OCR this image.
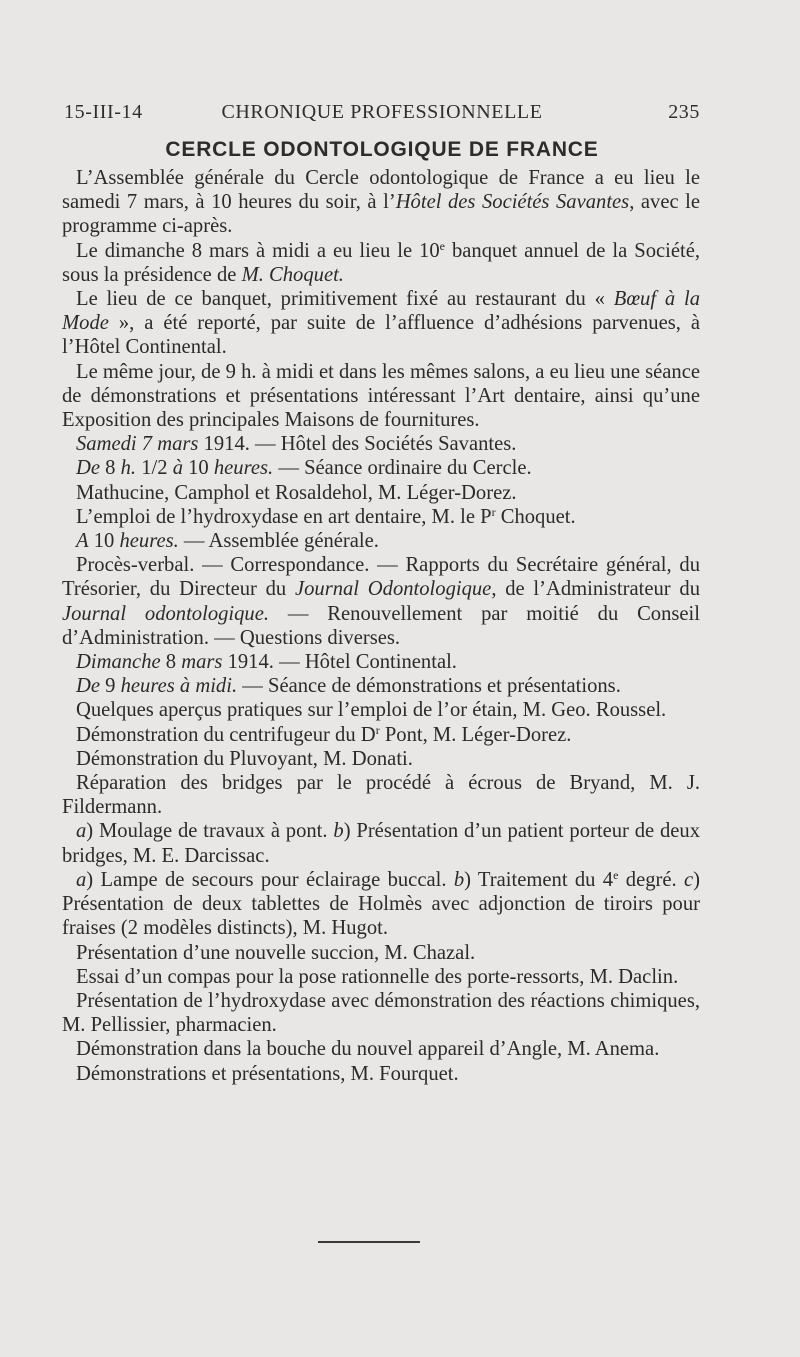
15-III-14	CHRONIQUE PROFESSIONNELLE	235
CERCLE ODONTOLOGIQUE DE FRANCE

L’Assemblée générale du Cercle odontologique de France a eu lieu le samedi 7 mars, à 10 heures du soir, à l’Hôtel des Sociétés Savantes, avec le programme ci-après.

Le dimanche 8 mars à midi a eu lieu le 10e banquet annuel de la Société, sous la présidence de M. Choquet.

Le lieu de ce banquet, primitivement fixé au restaurant du « Bœuf à la Mode », a été reporté, par suite de l’affluence d’adhésions parvenues, à l’Hôtel Continental.

Le même jour, de 9 h. à midi et dans les mêmes salons, a eu lieu une séance de démonstrations et présentations intéressant l’Art dentaire, ainsi qu’une Exposition des principales Maisons de fournitures.

Samedi 7 mars 1914. — Hôtel des Sociétés Savantes.

De 8 h. 1/2 à 10 heures. — Séance ordinaire du Cercle.

Mathucine, Camphol et Rosaldehol, M. Léger-Dorez.

L’emploi de l’hydroxydase en art dentaire, M. le $P^r$ Choquet.

A 10 heures. — Assemblée générale.

Procès-verbal. — Correspondance. — Rapports du Secrétaire général, du Trésorier, du Directeur du Journal Odontologique, de l’Administrateur du Journal odontologique. — Renouvellement par moitié du Conseil d’Administration. — Questions diverses.

Dimanche 8 mars 1914. — Hôtel Continental.

De 9 heures à midi. — Séance de démonstrations et présentations.

Quelques aperçus pratiques sur l’emploi de l’or étain, M. Geo. Roussel.

Démonstration du centrifugeur du $D^r$ Pont, M. Léger-Dorez.

Démonstration du Pluvoyant, M. Donati.

Réparation des bridges par le procédé à écrous de Bryand, M. J. Fildermann.

a) Moulage de travaux à pont. b) Présentation d’un patient porteur de deux bridges, M. E. Darcissac.

a) Lampe de secours pour éclairage buccal. b) Traitement du 4e degré. c) Présentation de deux tablettes de Holmès avec adjonction de tiroirs pour fraises (2 modèles distincts), M. Hugot.

Présentation d’une nouvelle succion, M. Chazal.

Essai d’un compas pour la pose rationnelle des porte-ressorts, M. Daclin.

Présentation de l’hydroxydase avec démonstration des réactions chimiques, M. Pellissier, pharmacien.

Démonstration dans la bouche du nouvel appareil d’Angle, M. Anema.

Démonstrations et présentations, M. Fourquet.
